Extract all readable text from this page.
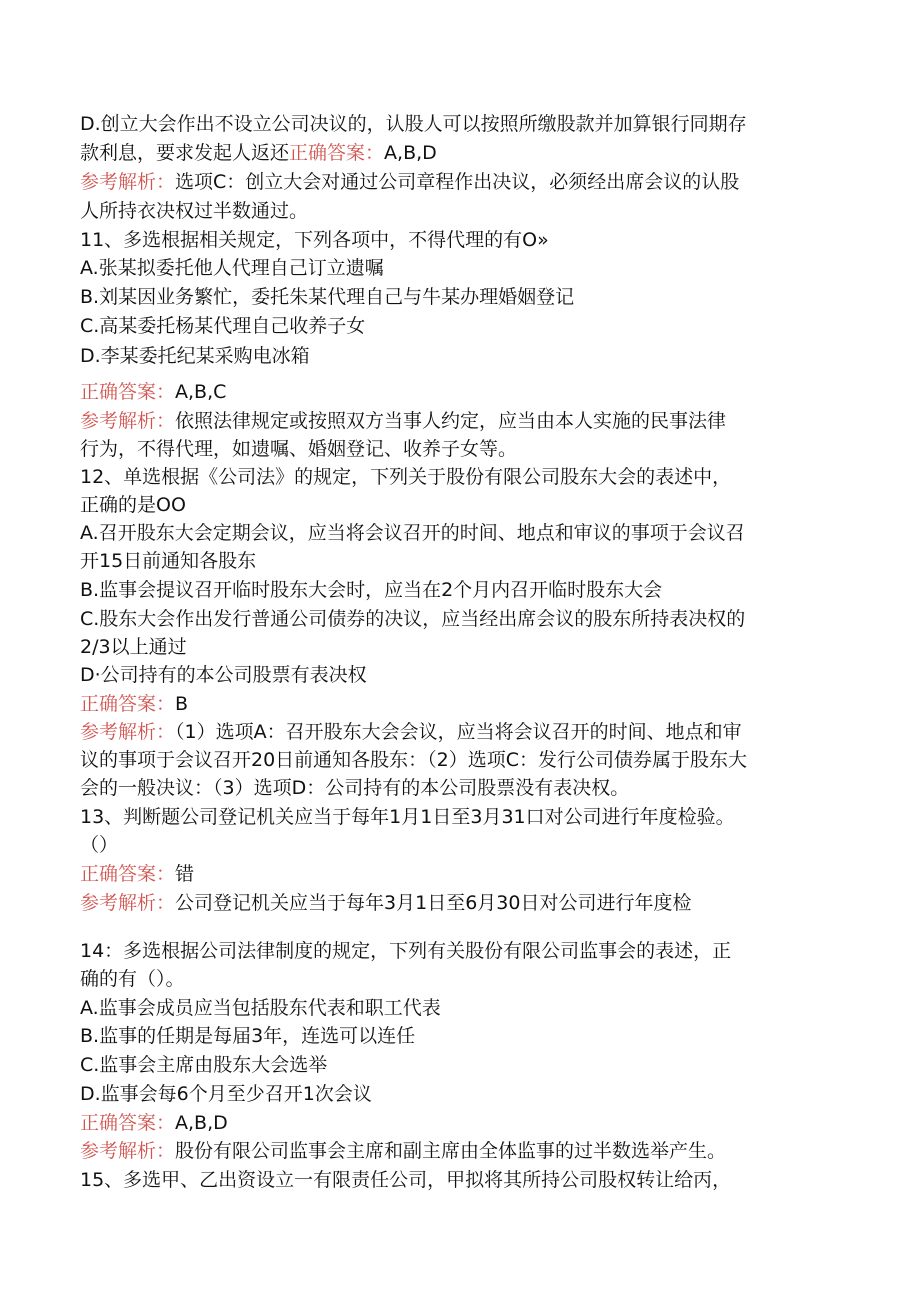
D.创立大会作出不设立公司决议的，认股人可以按照所缴股款并加算银行同期存
款利息，要求发起人返还正确答案：A,B,D
参考解析：选项C：创立大会对通过公司章程作出决议，必须经出席会议的认股
人所持衣决权过半数通过。
11、多选根据相关规定，下列各项中，不得代理的有O»
A.张某拟委托他人代理自己订立遗嘱
B.刘某因业务繁忙，委托朱某代理自己与牛某办理婚姻登记
C.高某委托杨某代理自己收养子女
D.李某委托纪某采购电冰箱
正确答案：A,B,C
参考解析：依照法律规定或按照双方当事人约定，应当由本人实施的民事法律
行为，不得代理，如遗嘱、婚姻登记、收养子女等。
12、单选根据《公司法》的规定，下列关于股份有限公司股东大会的表述中，
正确的是OO
A.召开股东大会定期会议，应当将会议召开的时间、地点和审议的事项于会议召
开15日前通知各股东
B.监事会提议召开临时股东大会时，应当在2个月内召开临时股东大会
C.股东大会作出发行普通公司债券的决议，应当经出席会议的股东所持表决权的
2/3以上通过
D·公司持有的本公司股票有表决权
正确答案：B
参考解析：（1）选项A：召开股东大会会议，应当将会议召开的时间、地点和审
议的事项于会议召开20日前通知各股东：（2）选项C：发行公司债券属于股东大
会的一般决议：（3）选项D：公司持有的本公司股票没有表决权。
13、判断题公司登记机关应当于每年1月1日至3月31口对公司进行年度检验。
（）
正确答案：错
参考解析：公司登记机关应当于每年3月1日至6月30日对公司进行年度检
14：多选根据公司法律制度的规定，下列有关股份有限公司监事会的表述，正
确的有（）。
A.监事会成员应当包括股东代表和职工代表
B.监事的任期是每届3年，连选可以连任
C.监事会主席由股东大会选举
D.监事会每6个月至少召开1次会议
正确答案：A,B,D
参考解析：股份有限公司监事会主席和副主席由全体监事的过半数选举产生。
15、多选甲、乙出资设立一有限责任公司，甲拟将其所持公司股权转让给丙，
